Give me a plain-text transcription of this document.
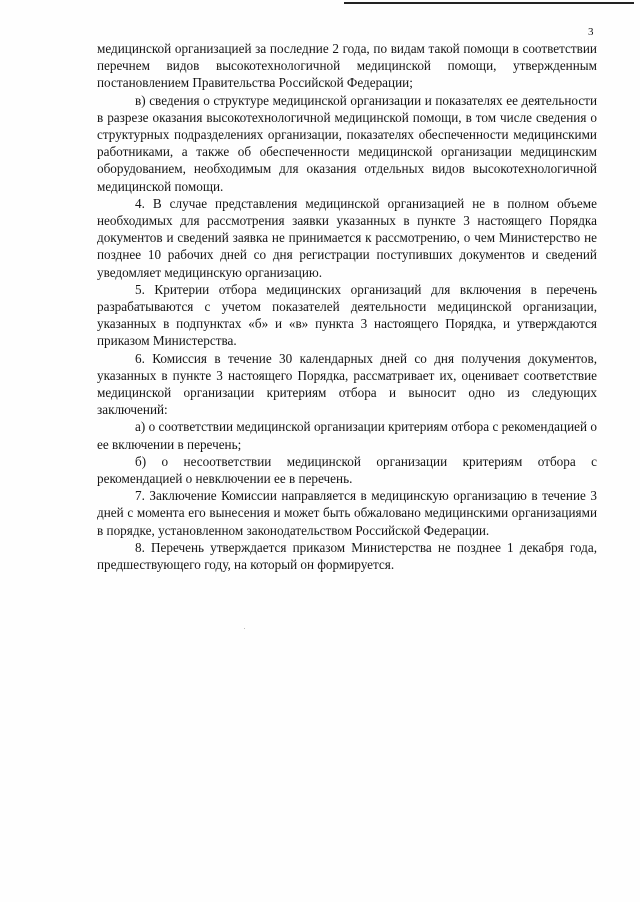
3

медицинской организацией за последние 2 года, по видам такой помощи в соответствии перечнем видов высокотехнологичной медицинской помощи, утвержденным постановлением Правительства Российской Федерации;

в) сведения о структуре медицинской организации и показателях ее деятельности в разрезе оказания высокотехнологичной медицинской помощи, в том числе сведения о структурных подразделениях организации, показателях обеспеченности медицинскими работниками, а также об обеспеченности медицинской организации медицинским оборудованием, необходимым для оказания отдельных видов высокотехнологичной медицинской помощи.

4. В случае представления медицинской организацией не в полном объеме необходимых для рассмотрения заявки указанных в пункте 3 настоящего Порядка документов и сведений заявка не принимается к рассмотрению, о чем Министерство не позднее 10 рабочих дней со дня регистрации поступивших документов и сведений уведомляет медицинскую организацию.

5. Критерии отбора медицинских организаций для включения в перечень разрабатываются с учетом показателей деятельности медицинской организации, указанных в подпунктах «б» и «в» пункта 3 настоящего Порядка, и утверждаются приказом Министерства.

6. Комиссия в течение 30 календарных дней со дня получения документов, указанных в пункте 3 настоящего Порядка, рассматривает их, оценивает соответствие медицинской организации критериям отбора и выносит одно из следующих заключений:

а) о соответствии медицинской организации критериям отбора с рекомендацией о ее включении в перечень;

б) о несоответствии медицинской организации критериям отбора с рекомендацией о невключении ее в перечень.

7. Заключение Комиссии направляется в медицинскую организацию в течение 3 дней с момента его вынесения и может быть обжаловано медицинскими организациями в порядке, установленном законодательством Российской Федерации.

8. Перечень утверждается приказом Министерства не позднее 1 декабря года, предшествующего году, на который он формируется.
